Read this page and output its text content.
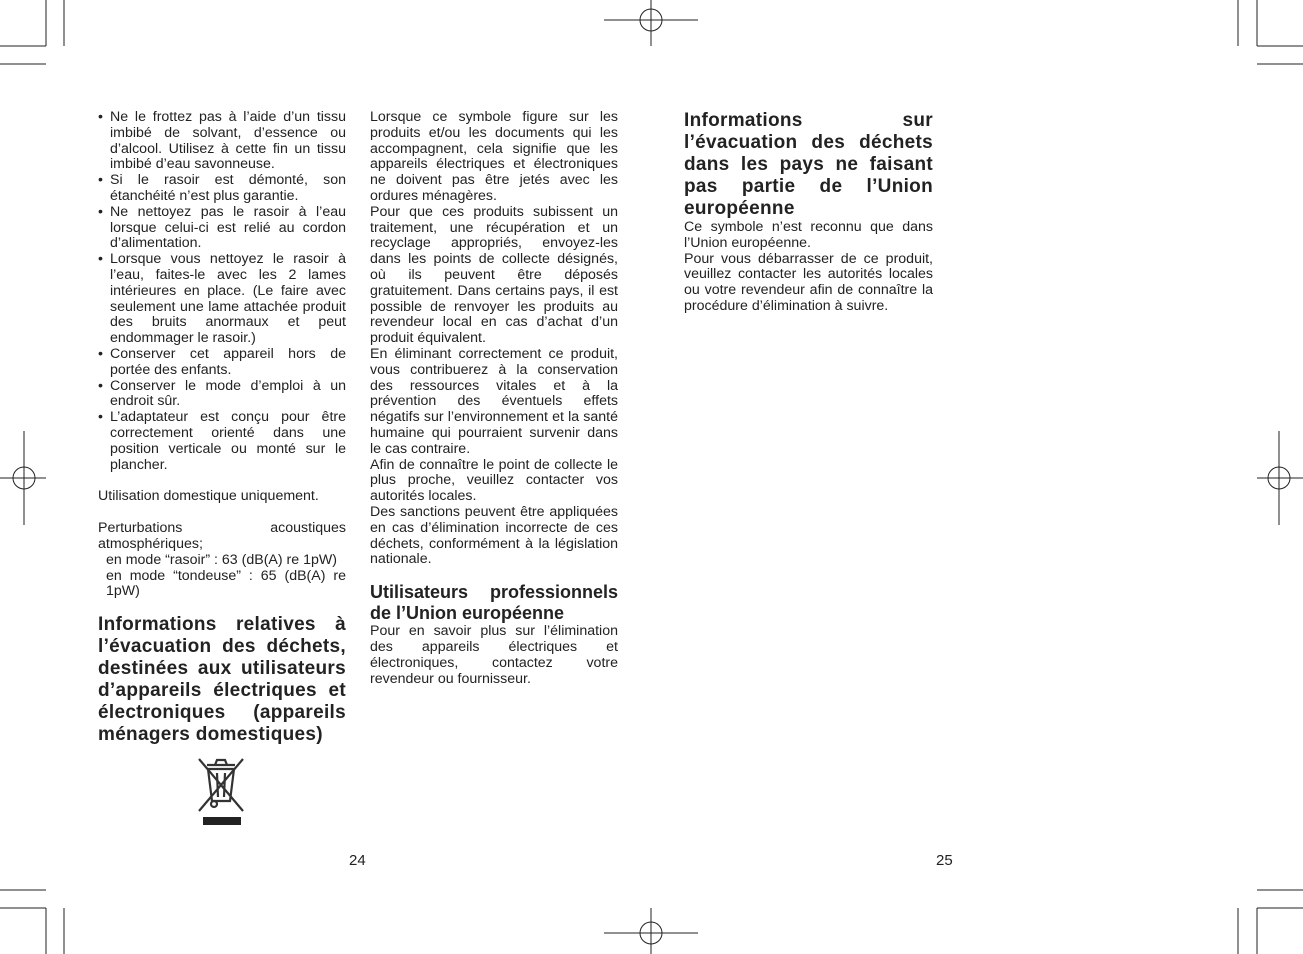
• Ne le frottez pas à l’aide d’un tissu imbibé de solvant, d’essence ou d’alcool. Utilisez à cette fin un tissu imbibé d’eau savonneuse.
• Si le rasoir est démonté, son étanchéité n’est plus garantie.
• Ne nettoyez pas le rasoir à l’eau lorsque celui-ci est relié au cordon d’alimentation.
• Lorsque vous nettoyez le rasoir à l’eau, faites-le avec les 2 lames intérieures en place. (Le faire avec seulement une lame attachée produit des bruits anormaux et peut endommager le rasoir.)
• Conserver cet appareil hors de portée des enfants.
• Conserver le mode d’emploi à un endroit sûr.
• L’adaptateur est conçu pour être correctement orienté dans une position verticale ou monté sur le plancher.

Utilisation domestique uniquement.

Perturbations acoustiques atmosphériques;

en mode “rasoir” : 63 (dB(A) re 1pW)

en mode “tondeuse” : 65 (dB(A) re 1pW)

Informations relatives à l’évacuation des déchets, destinées aux utilisateurs d’appareils électriques et électroniques (appareils ménagers domestiques)

Lorsque ce symbole figure sur les produits et/ou les documents qui les accompagnent, cela signifie que les appareils électriques et électroniques ne doivent pas être jetés avec les ordures ménagères.

Pour que ces produits subissent un traitement, une récupération et un recyclage appropriés, envoyez-les dans les points de collecte désignés, où ils peuvent être déposés gratuitement. Dans certains pays, il est possible de renvoyer les produits au revendeur local en cas d’achat d’un produit équivalent.

En éliminant correctement ce produit, vous contribuerez à la conservation des ressources vitales et à la prévention des éventuels effets négatifs sur l’environnement et la santé humaine qui pourraient survenir dans le cas contraire.

Afin de connaître le point de collecte le plus proche, veuillez contacter vos autorités locales.

Des sanctions peuvent être appliquées en cas d’élimination incorrecte de ces déchets, conformément à la législation nationale.

Utilisateurs professionnels de l’Union européenne

Pour en savoir plus sur l’élimination des appareils électriques et électroniques, contactez votre revendeur ou fournisseur.

Informations sur l’évacuation des déchets dans les pays ne faisant pas partie de l’Union européenne

Ce symbole n’est reconnu que dans l’Union européenne.

Pour vous débarrasser de ce produit, veuillez contacter les autorités locales ou votre revendeur afin de connaître la procédure d’élimination à suivre.

24	25
